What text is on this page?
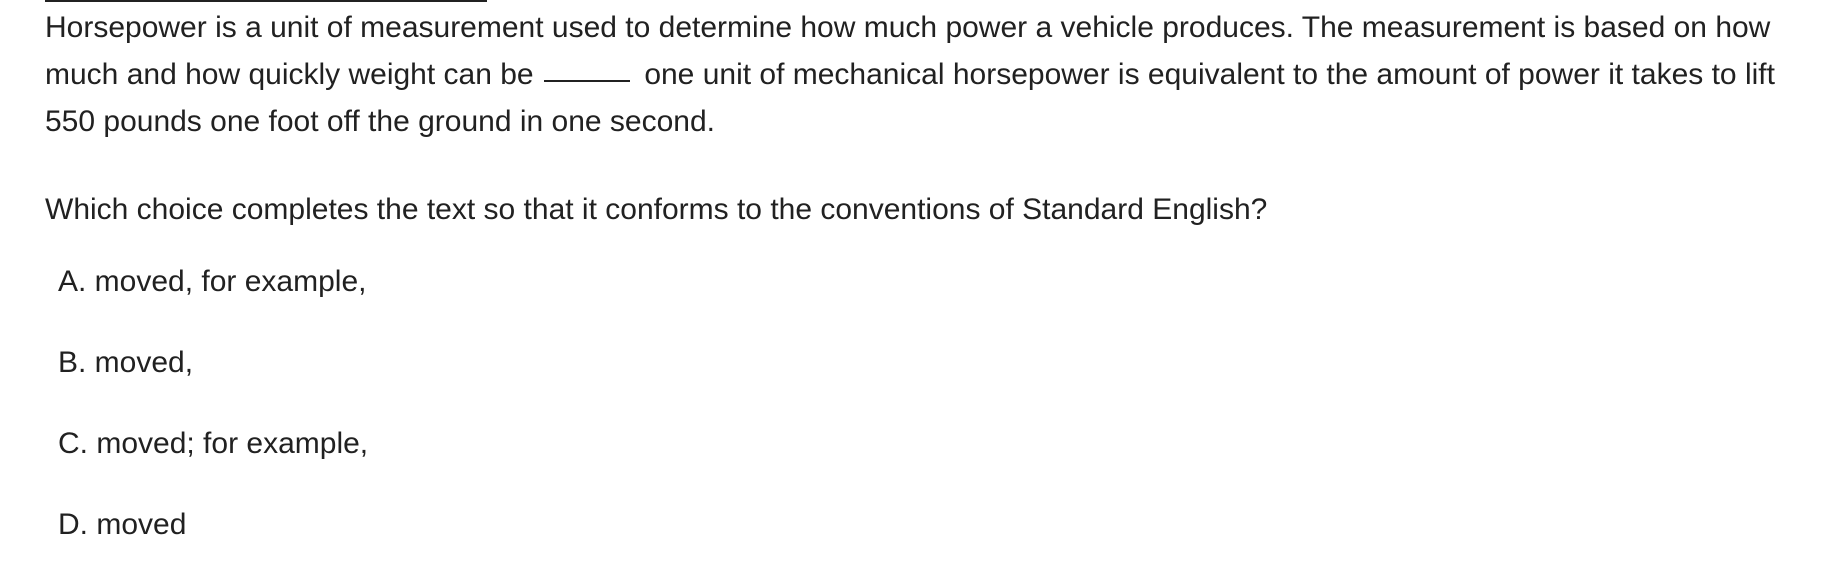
Horsepower is a unit of measurement used to determine how much power a vehicle produces. The measurement is based on how much and how quickly weight can be	one unit of mechanical horsepower is equivalent to the amount of power it takes to lift 550 pounds one foot off the ground in one second.
Which choice completes the text so that it conforms to the conventions of Standard English?
A. moved, for example,
B. moved,
C. moved; for example,
D. moved
